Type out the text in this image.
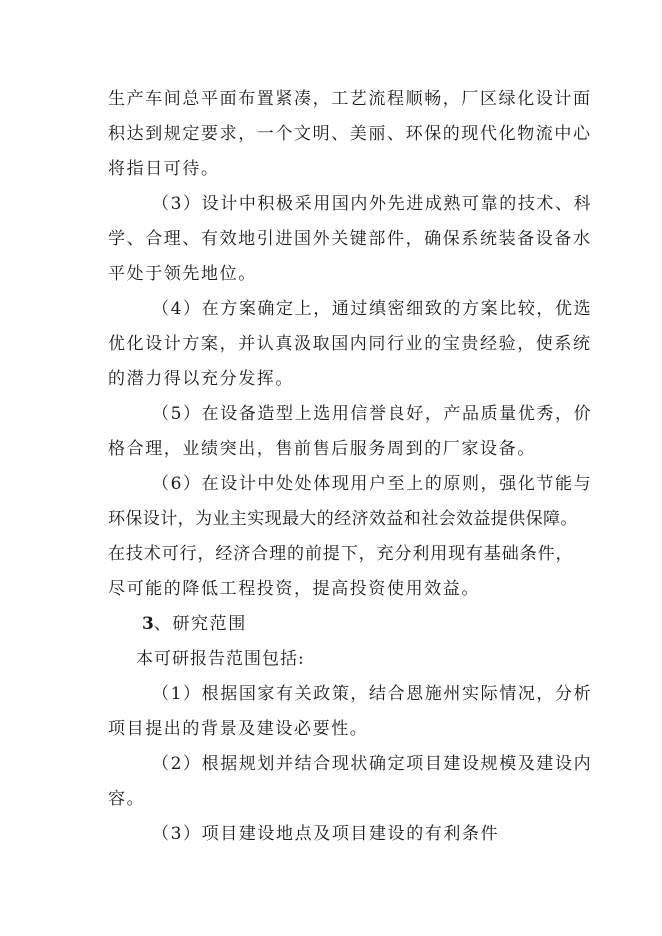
生产车间总平面布置紧凑，工艺流程顺畅，厂区绿化设计面
积达到规定要求，一个文明、美丽、环保的现代化物流中心
将指日可待。
（3）设计中积极采用国内外先进成熟可靠的技术、科
学、合理、有效地引进国外关键部件，确保系统装备设备水
平处于领先地位。
（4）在方案确定上，通过缜密细致的方案比较，优选
优化设计方案，并认真汲取国内同行业的宝贵经验，使系统
的潜力得以充分发挥。
（5）在设备造型上选用信誉良好，产品质量优秀，价
格合理，业绩突出，售前售后服务周到的厂家设备。
（6）在设计中处处体现用户至上的原则，强化节能与
环保设计，为业主实现最大的经济效益和社会效益提供保障。
在技术可行，经济合理的前提下，充分利用现有基础条件，
尽可能的降低工程投资，提高投资使用效益。
3、研究范围
本可研报告范围包括:
（1）根据国家有关政策，结合恩施州实际情况，分析
项目提出的背景及建设必要性。
（2）根据规划并结合现状确定项目建设规模及建设内
容。
（3）项目建设地点及项目建设的有利条件
